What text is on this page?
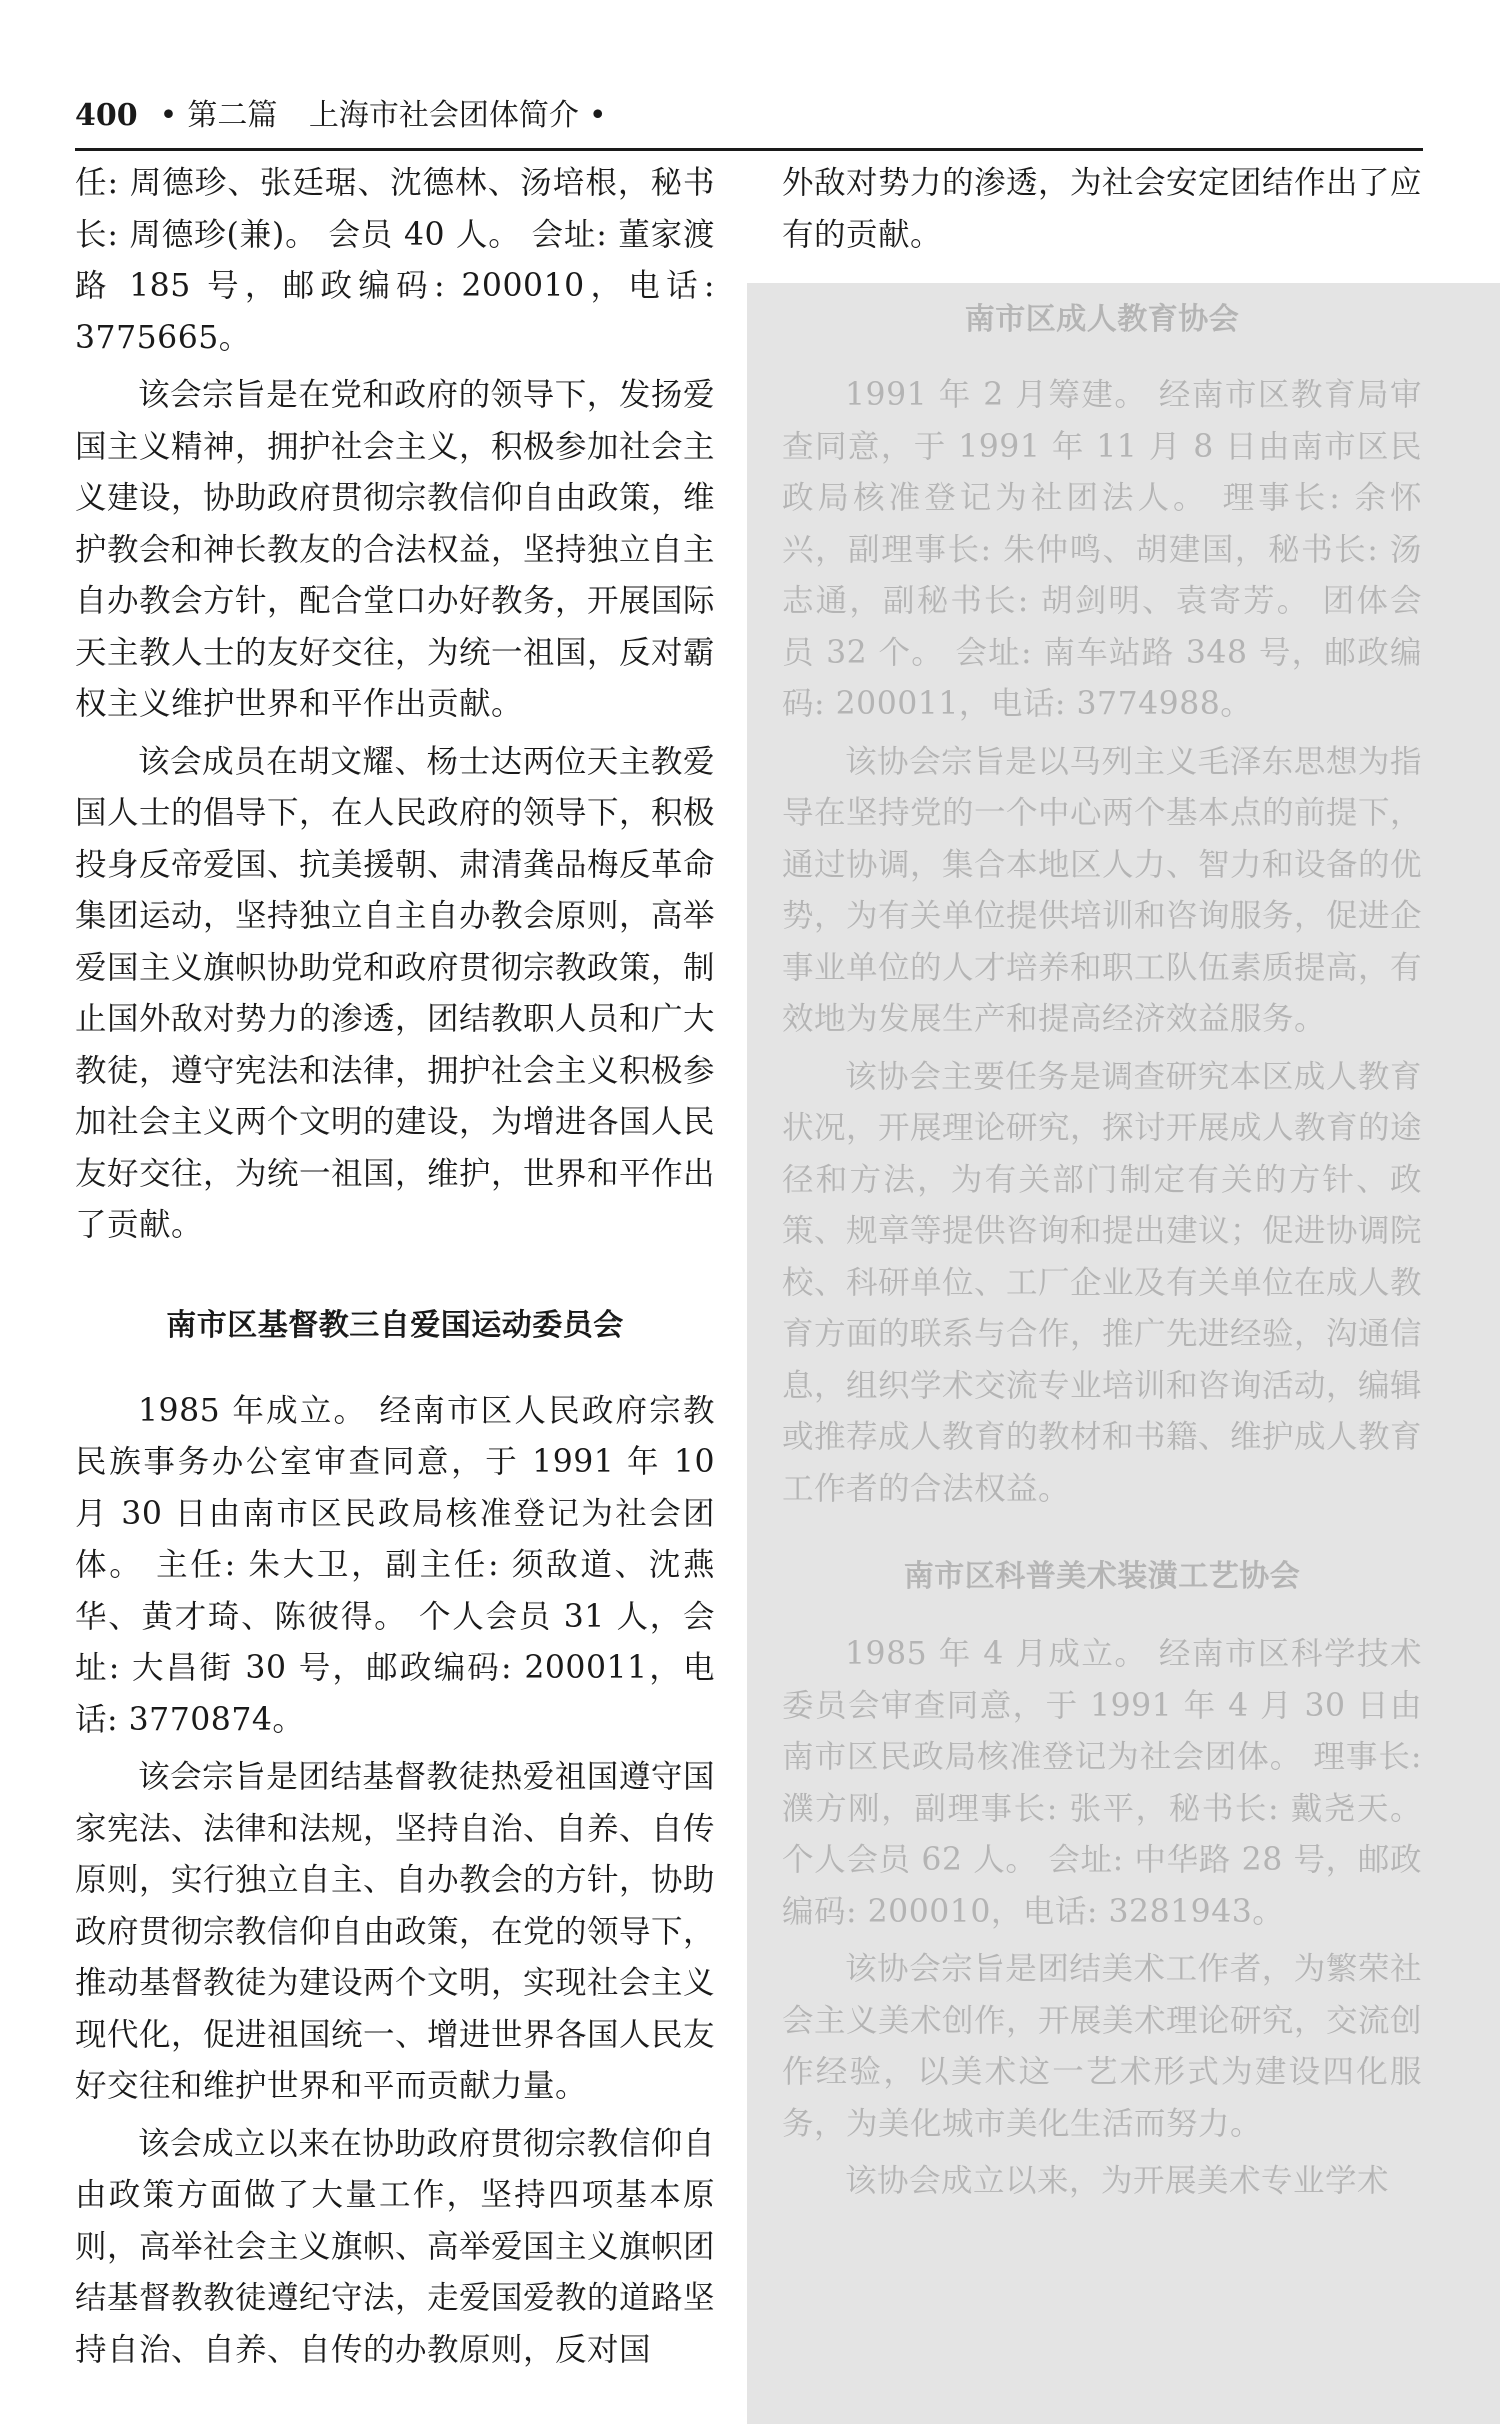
400 • 第二篇 上海市社会团体简介 •

任: 周德珍、张廷琚、沈德林、汤培根，秘书长: 周德珍(兼)。 会员 40 人。 会址: 董家渡路 185 号，邮政编码: 200010，电话: 3775665。

该会宗旨是在党和政府的领导下，发扬爱国主义精神，拥护社会主义，积极参加社会主义建设，协助政府贯彻宗教信仰自由政策，维护教会和神长教友的合法权益，坚持独立自主自办教会方针，配合堂口办好教务，开展国际天主教人士的友好交往，为统一祖国，反对霸权主义维护世界和平作出贡献。

该会成员在胡文耀、杨士达两位天主教爱国人士的倡导下，在人民政府的领导下，积极投身反帝爱国、抗美援朝、肃清龚品梅反革命集团运动，坚持独立自主自办教会原则，高举爱国主义旗帜协助党和政府贯彻宗教政策，制止国外敌对势力的渗透，团结教职人员和广大教徒，遵守宪法和法律，拥护社会主义积极参加社会主义两个文明的建设，为增进各国人民友好交往，为统一祖国，维护，世界和平作出了贡献。

南市区基督教三自爱国运动委员会

1985 年成立。 经南市区人民政府宗教民族事务办公室审查同意，于 1991 年 10 月 30 日由南市区民政局核准登记为社会团体。 主任: 朱大卫，副主任: 须敌道、沈燕华、黄才琦、陈彼得。 个人会员 31 人，会址: 大昌街 30 号，邮政编码: 200011，电话: 3770874。

该会宗旨是团结基督教徒热爱祖国遵守国家宪法、法律和法规，坚持自治、自养、自传原则，实行独立自主、自办教会的方针，协助政府贯彻宗教信仰自由政策，在党的领导下，推动基督教徒为建设两个文明，实现社会主义现代化，促进祖国统一、增进世界各国人民友好交往和维护世界和平而贡献力量。

该会成立以来在协助政府贯彻宗教信仰自由政策方面做了大量工作，坚持四项基本原则，高举社会主义旗帜、高举爱国主义旗帜团结基督教教徒遵纪守法，走爱国爱教的道路坚持自治、自养、自传的办教原则，反对国

外敌对势力的渗透，为社会安定团结作出了应有的贡献。

南市区成人教育协会

1991 年 2 月筹建。 经南市区教育局审查同意，于 1991 年 11 月 8 日由南市区民政局核准登记为社团法人。 理事长: 余怀兴，副理事长: 朱仲鸣、胡建国，秘书长: 汤志通，副秘书长: 胡剑明、袁寄芳。 团体会员 32 个。 会址: 南车站路 348 号，邮政编码: 200011，电话: 3774988。

该协会宗旨是以马列主义毛泽东思想为指导在坚持党的一个中心两个基本点的前提下，通过协调，集合本地区人力、智力和设备的优势，为有关单位提供培训和咨询服务，促进企事业单位的人才培养和职工队伍素质提高，有效地为发展生产和提高经济效益服务。

该协会主要任务是调查研究本区成人教育状况，开展理论研究，探讨开展成人教育的途径和方法，为有关部门制定有关的方针、政策、规章等提供咨询和提出建议；促进协调院校、科研单位、工厂企业及有关单位在成人教育方面的联系与合作，推广先进经验，沟通信息，组织学术交流专业培训和咨询活动，编辑或推荐成人教育的教材和书籍、维护成人教育工作者的合法权益。

南市区科普美术装潢工艺协会

1985 年 4 月成立。 经南市区科学技术委员会审查同意，于 1991 年 4 月 30 日由南市区民政局核准登记为社会团体。 理事长: 濮方刚，副理事长: 张平，秘书长: 戴尧天。 个人会员 62 人。 会址: 中华路 28 号，邮政编码: 200010，电话: 3281943。

该协会宗旨是团结美术工作者，为繁荣社会主义美术创作，开展美术理论研究，交流创作经验，以美术这一艺术形式为建设四化服务，为美化城市美化生活而努力。

该协会成立以来，为开展美术专业学术
